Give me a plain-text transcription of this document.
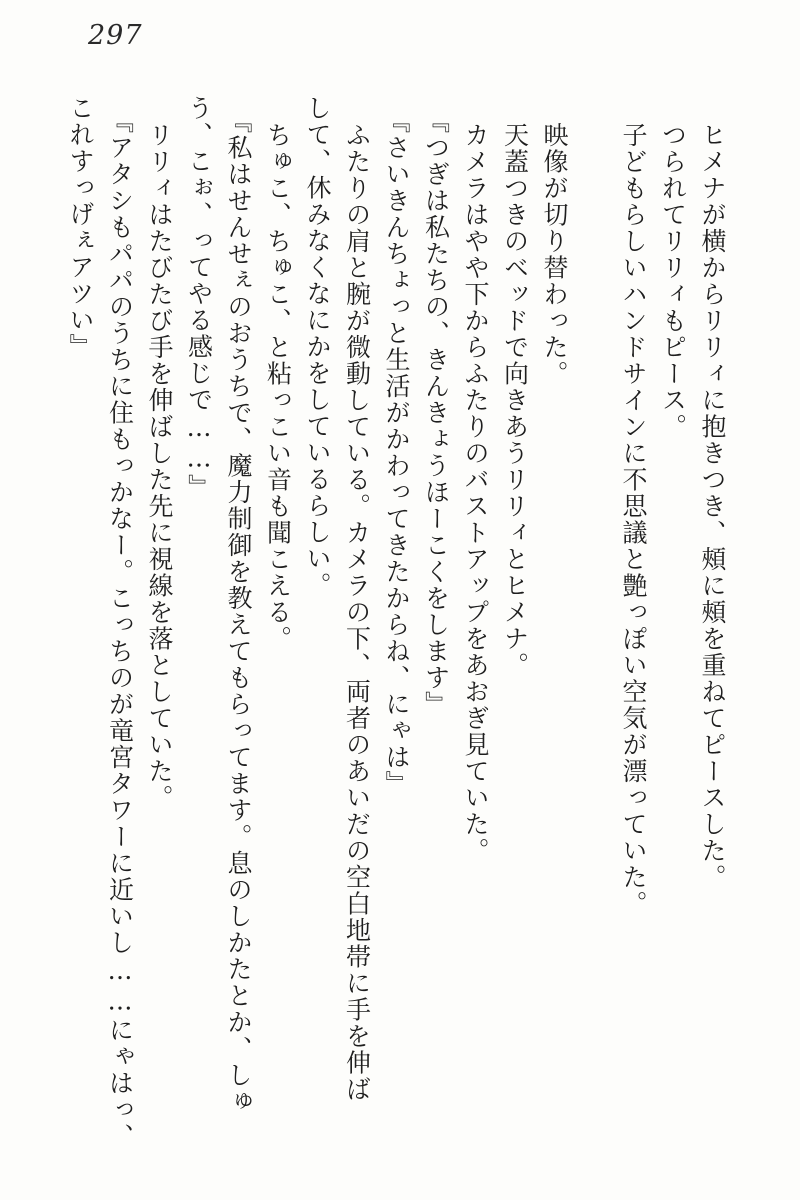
297

ヒメナが横からリリィに抱きつき、頰に頰を重ねてピースした。

つられてリリィもピース。

子どもらしいハンドサインに不思議と艶っぽい空気が漂っていた。

映像が切り替わった。

天蓋つきのベッドで向きあうリリィとヒメナ。

カメラはやや下からふたりのバストアップをあおぎ見ていた。

『つぎは私たちの、きんきょうほーこくをします』

『さいきんちょっと生活がかわってきたからね、にゃは』

ふたりの肩と腕が微動している。カメラの下、両者のあいだの空白地帯に手を伸ば

して、休みなくなにかをしているらしい。

ちゅこ、ちゅこ、と粘っこい音も聞こえる。

『私はせんせぇのおうちで、魔力制御を教えてもらってます。息のしかたとか、しゅ

う、こぉ、ってやる感じで……』

リリィはたびたび手を伸ばした先に視線を落としていた。

『アタシもパパのうちに住もっかなー。こっちのが竜宮タワーに近いし……にゃはっ、

これすっげぇアツい』
